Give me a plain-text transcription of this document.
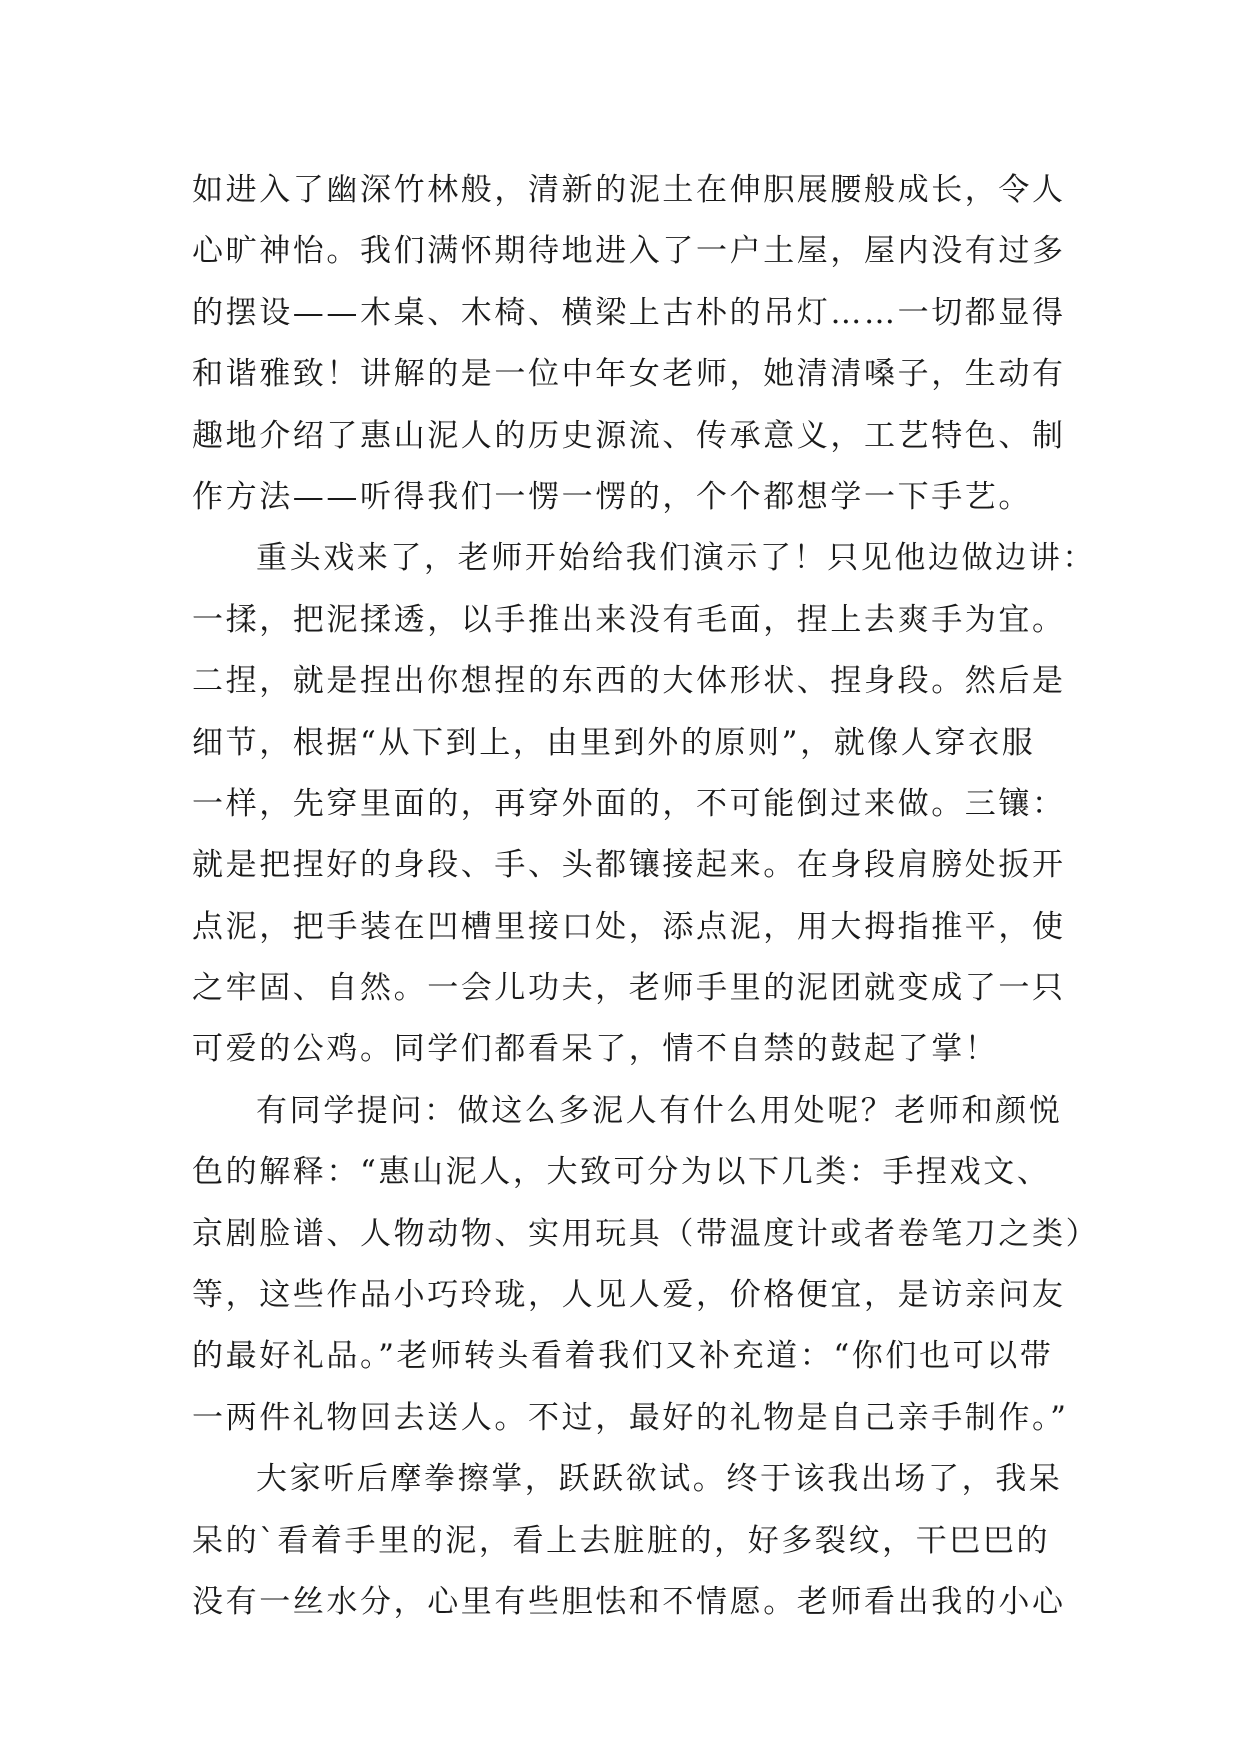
如进入了幽深竹林般，清新的泥土在伸胑展腰般成长，令人
心旷神怡。我们满怀期待地进入了一户土屋，屋内没有过多
的摆设——木桌、木椅、横梁上古朴的吊灯……一切都显得
和谐雅致！讲解的是一位中年女老师，她清清嗓子，生动有
趣地介绍了惠山泥人的历史源流、传承意义，工艺特色、制
作方法——听得我们一愣一愣的，个个都想学一下手艺。
重头戏来了，老师开始给我们演示了！只见他边做边讲：
一揉，把泥揉透，以手推出来没有毛面，捏上去爽手为宜。
二捏，就是捏出你想捏的东西的大体形状、捏身段。然后是
细节，根据“从下到上，由里到外的原则”，就像人穿衣服
一样，先穿里面的，再穿外面的，不可能倒过来做。三镶：
就是把捏好的身段、手、头都镶接起来。在身段肩膀处扳开
点泥，把手装在凹槽里接口处，添点泥，用大拇指推平，使
之牢固、自然。一会儿功夫，老师手里的泥团就变成了一只
可爱的公鸡。同学们都看呆了，情不自禁的鼓起了掌！
有同学提问：做这么多泥人有什么用处呢？老师和颜悦
色的解释：“惠山泥人，大致可分为以下几类：手捏戏文、
京剧脸谱、人物动物、实用玩具（带温度计或者卷笔刀之类）
等，这些作品小巧玲珑，人见人爱，价格便宜，是访亲问友
的最好礼品。”老师转头看着我们又补充道：“你们也可以带
一两件礼物回去送人。不过，最好的礼物是自己亲手制作。”
大家听后摩拳擦掌，跃跃欲试。终于该我出场了，我呆
呆的`看着手里的泥，看上去脏脏的，好多裂纹，干巴巴的
没有一丝水分，心里有些胆怯和不情愿。老师看出我的小心
